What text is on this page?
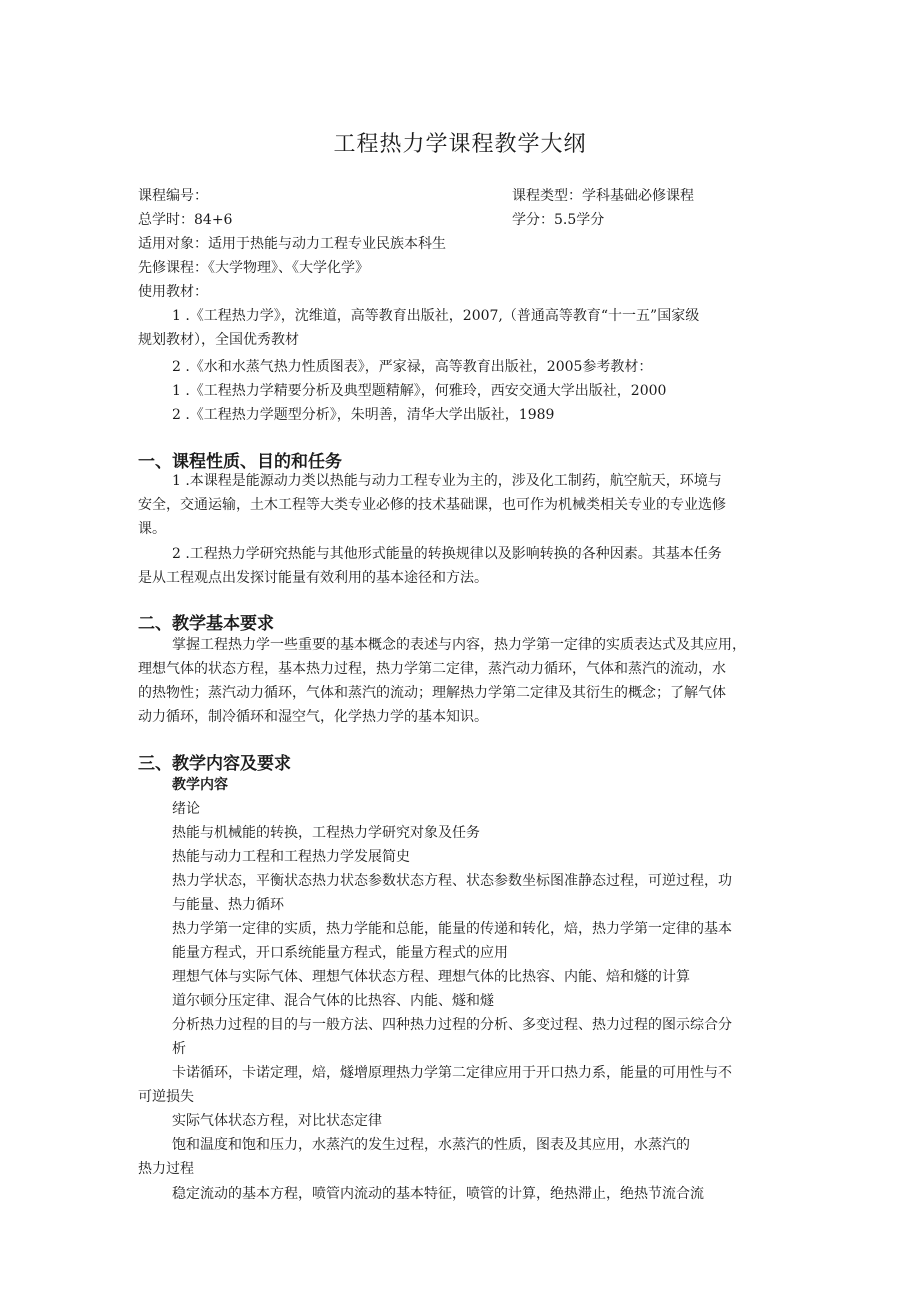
工程热力学课程教学大纲
课程编号：	课程类型：学科基础必修课程
总学时：84+6	学分：5.5学分
适用对象：适用于热能与动力工程专业民族本科生
先修课程：《大学物理》、《大学化学》
使用教材：
1 .《工程热力学》，沈维道，高等教育出版社，2007,（普通高等教育“十一五”国家级
规划教材），全国优秀教材
2 .《水和水蒸气热力性质图表》，严家禄，高等教育出版社，2005参考教材：
1 .《工程热力学精要分析及典型题精解》，何雅玲，西安交通大学出版社，2000
2 .《工程热力学题型分析》，朱明善，清华大学出版社，1989
一、课程性质、目的和任务
1 .本课程是能源动力类以热能与动力工程专业为主的，涉及化工制药，航空航天，环境与
安全，交通运输，土木工程等大类专业必修的技术基础课，也可作为机械类相关专业的专业选修
课。
2 .工程热力学研究热能与其他形式能量的转换规律以及影响转换的各种因素。其基本任务
是从工程观点出发探讨能量有效利用的基本途径和方法。
二、教学基本要求
掌握工程热力学一些重要的基本概念的表述与内容，热力学第一定律的实质表达式及其应用，
理想气体的状态方程，基本热力过程，热力学第二定律，蒸汽动力循环，气体和蒸汽的流动，水
的热物性；蒸汽动力循环，气体和蒸汽的流动；理解热力学第二定律及其衍生的概念；了解气体
动力循环，制冷循环和湿空气，化学热力学的基本知识。
三、教学内容及要求
教学内容
绪论
热能与机械能的转换，工程热力学研究对象及任务
热能与动力工程和工程热力学发展简史
热力学状态，平衡状态热力状态参数状态方程、状态参数坐标图准静态过程，可逆过程，功
与能量、热力循环
热力学第一定律的实质，热力学能和总能，能量的传递和转化，焙，热力学第一定律的基本
能量方程式，开口系统能量方程式，能量方程式的应用
理想气体与实际气体、理想气体状态方程、理想气体的比热容、内能、焙和燧的计算
道尔顿分压定律、混合气体的比热容、内能、燧和燧
分析热力过程的目的与一般方法、四种热力过程的分析、多变过程、热力过程的图示综合分
析
卡诺循环，卡诺定理，焙，燧增原理热力学第二定律应用于开口热力系，能量的可用性与不
可逆损失
实际气体状态方程，对比状态定律
饱和温度和饱和压力，水蒸汽的发生过程，水蒸汽的性质，图表及其应用，水蒸汽的
热力过程
稳定流动的基本方程，喷管内流动的基本特征，喷管的计算，绝热滞止，绝热节流合流
